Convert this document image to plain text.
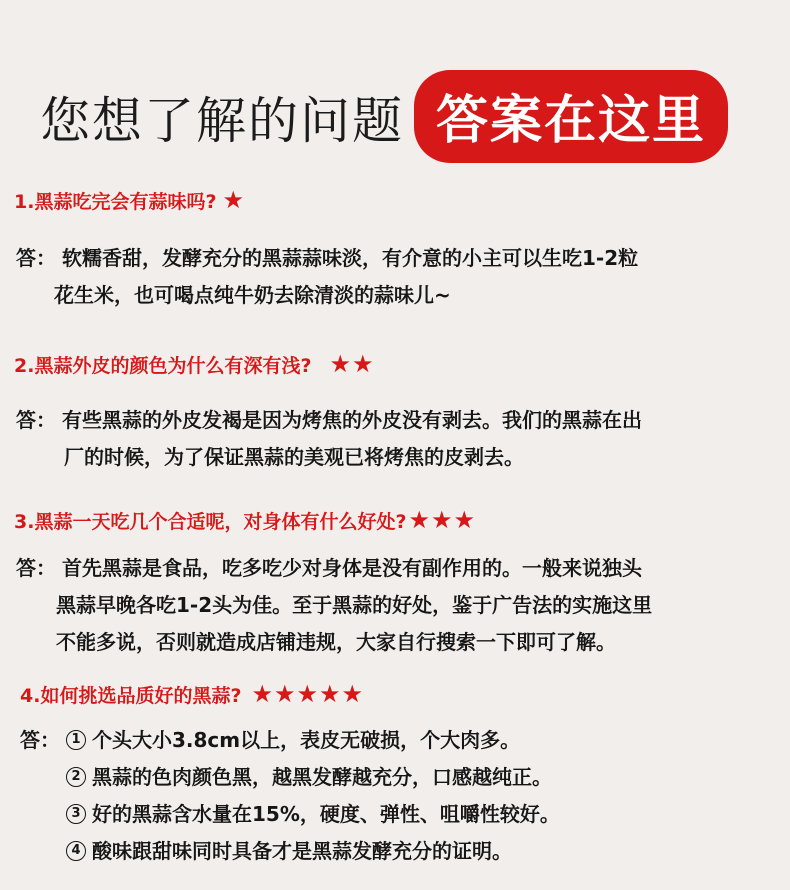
您想了解的问题 答案在这里
1.黑蒜吃完会有蒜味吗? ★
答： 软糯香甜，发酵充分的黑蒜蒜味淡，有介意的小主可以生吃1-2粒
花生米，也可喝点纯牛奶去除清淡的蒜味儿~
2.黑蒜外皮的颜色为什么有深有浅? ★★
答： 有些黑蒜的外皮发褐是因为烤焦的外皮没有剥去。我们的黑蒜在出
厂的时候，为了保证黑蒜的美观已将烤焦的皮剥去。
3.黑蒜一天吃几个合适呢，对身体有什么好处? ★★★
答： 首先黑蒜是食品，吃多吃少对身体是没有副作用的。一般来说独头
黑蒜早晚各吃1-2头为佳。至于黑蒜的好处，鉴于广告法的实施这里
不能多说，否则就造成店铺违规，大家自行搜索一下即可了解。
4.如何挑选品质好的黑蒜? ★★★★★
答： 1 个头大小3.8cm以上，表皮无破损，个大肉多。
2 黑蒜的色肉颜色黑，越黑发酵越充分，口感越纯正。
3 好的黑蒜含水量在15%，硬度、弹性、咀嚼性较好。
4 酸味跟甜味同时具备才是黑蒜发酵充分的证明。
